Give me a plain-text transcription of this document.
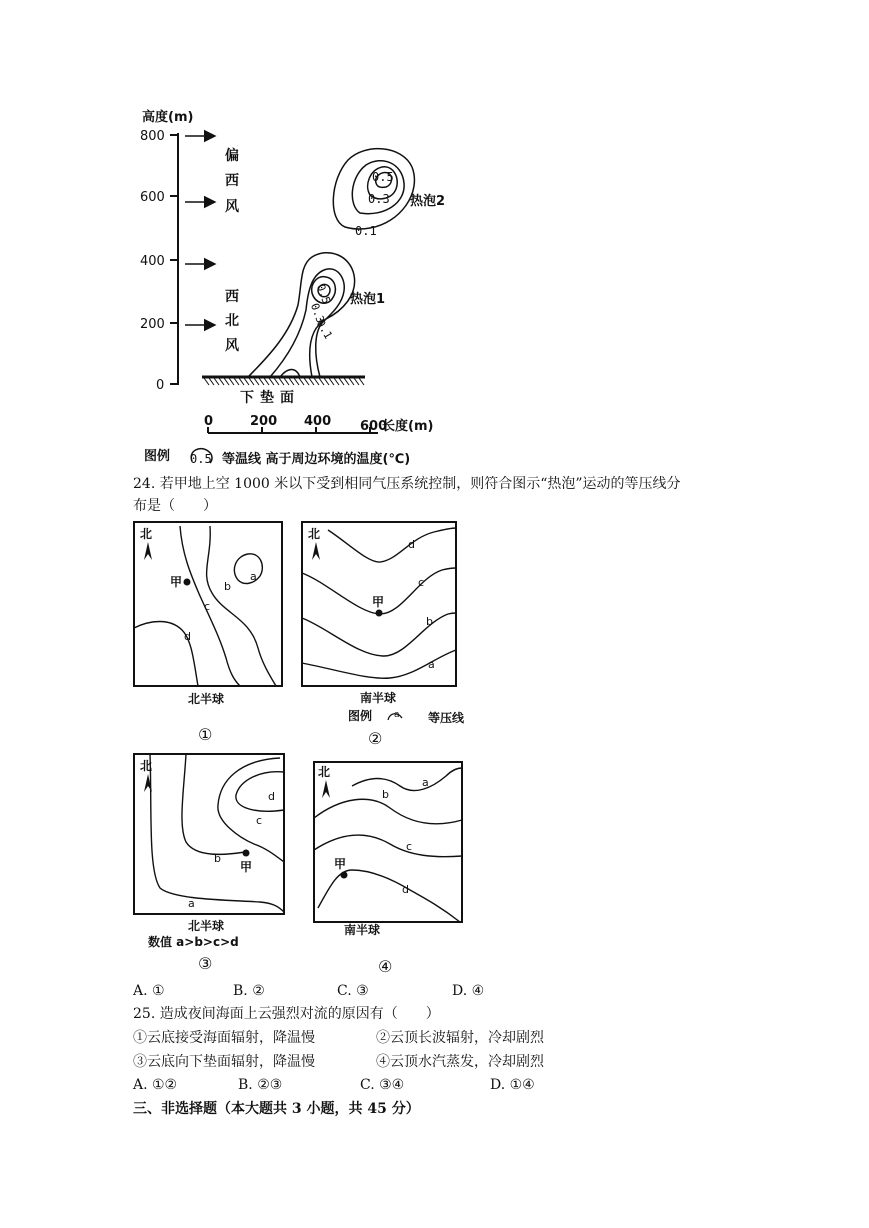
高度(m)
800
600
400
200
0
偏
西
风
西
北
风
0.5
0.3
0.1
热泡2
0.5
0.3
0.1
热泡1
下垫面
0	200 400 600
长度(m)
图例 0.5 等温线 高于周边环境的温度(℃)
24. 若甲地上空 1000 米以下受到相同气压系统控制，则符合图示“热泡”运动的等压线分
布是（　　）
北
甲	a
b
c
d
北半球
①
北
甲
d
c
b
a
南半球
图例 a 等压线
②
北
甲
d
c
b
a
北半球
数值 a>b>c>d
③
北
甲
a
b
c
d
南半球
④
A. ①	B. ②	C. ③	D. ④
25. 造成夜间海面上云强烈对流的原因有（　　）
①云底接受海面辐射，降温慢	②云顶长波辐射，冷却剧烈
③云底向下垫面辐射，降温慢	④云顶水汽蒸发，冷却剧烈
A. ①②	B. ②③	C. ③④	D. ①④
三、非选择题（本大题共 3 小题，共 45 分）
